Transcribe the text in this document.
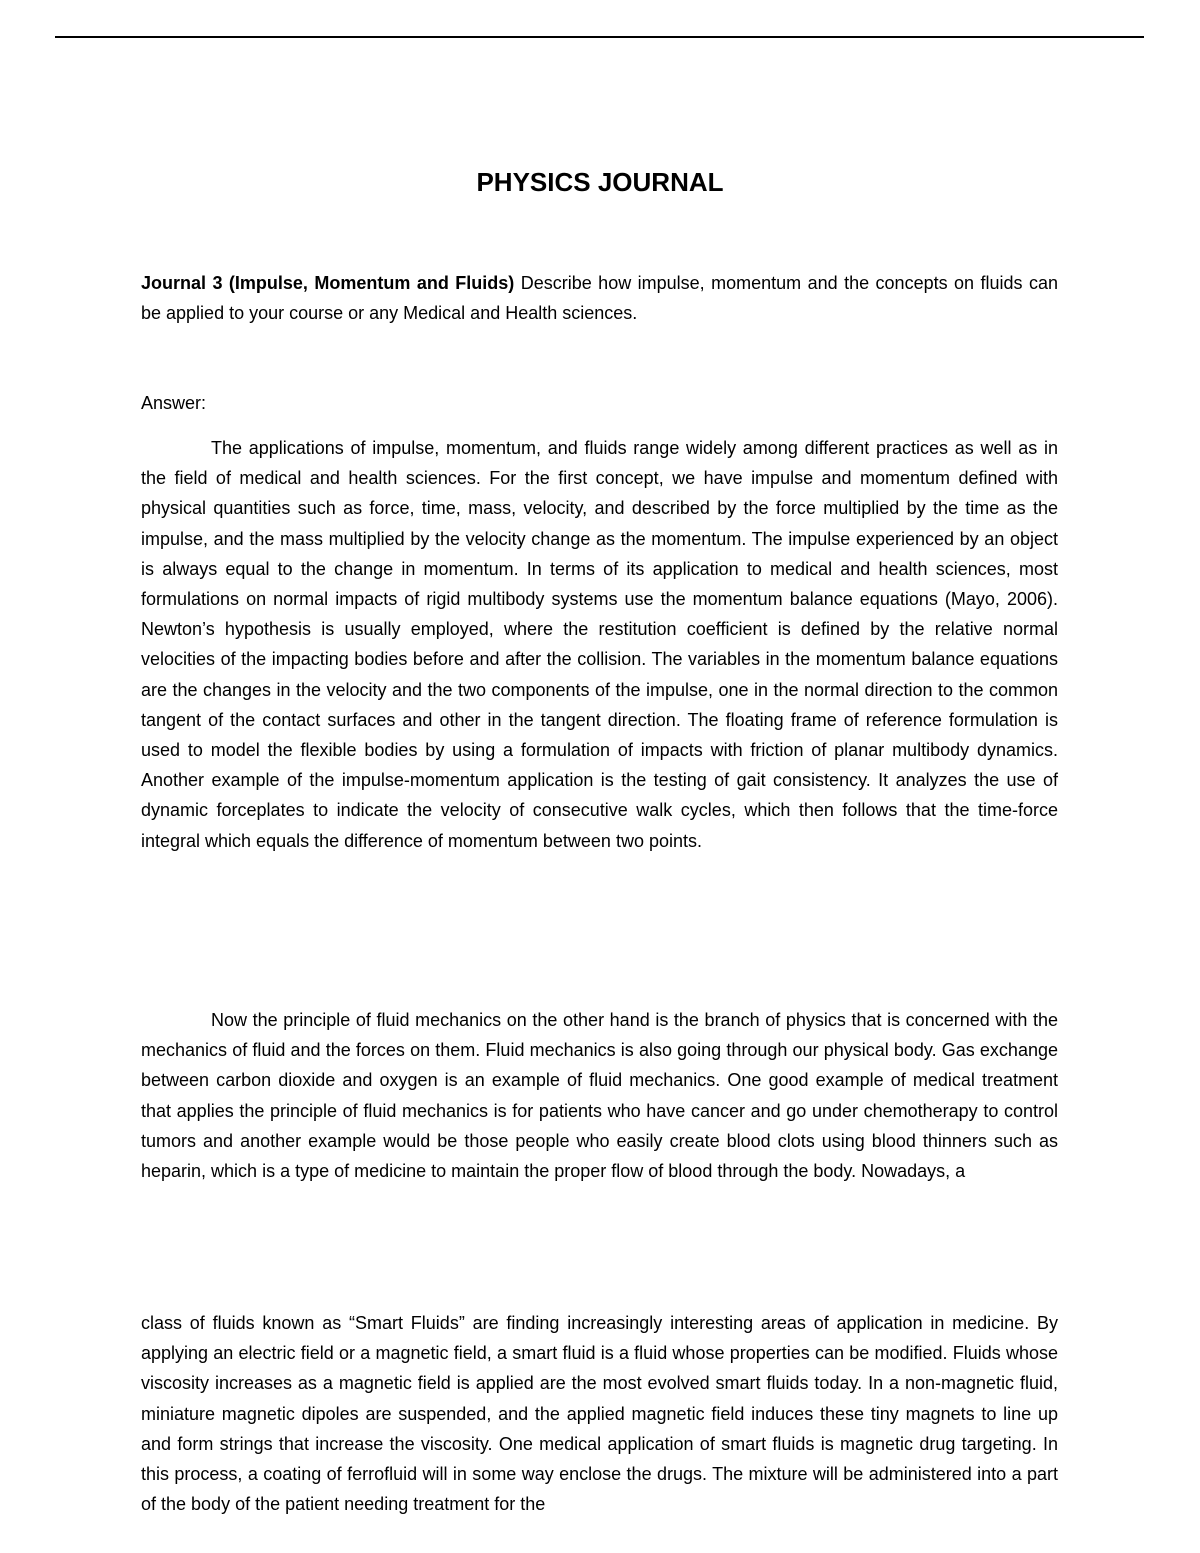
PHYSICS JOURNAL

Journal 3 (Impulse, Momentum and Fluids) Describe how impulse, momentum and the concepts on fluids can be applied to your course or any Medical and Health sciences.

Answer:

The applications of impulse, momentum, and fluids range widely among different practices as well as in the field of medical and health sciences. For the first concept, we have impulse and momentum defined with physical quantities such as force, time, mass, velocity, and described by the force multiplied by the time as the impulse, and the mass multiplied by the velocity change as the momentum. The impulse experienced by an object is always equal to the change in momentum. In terms of its application to medical and health sciences, most formulations on normal impacts of rigid multibody systems use the momentum balance equations (Mayo, 2006). Newton’s hypothesis is usually employed, where the restitution coefficient is defined by the relative normal velocities of the impacting bodies before and after the collision. The variables in the momentum balance equations are the changes in the velocity and the two components of the impulse, one in the normal direction to the common tangent of the contact surfaces and other in the tangent direction. The floating frame of reference formulation is used to model the flexible bodies by using a formulation of impacts with friction of planar multibody dynamics. Another example of the impulse-momentum application is the testing of gait consistency. It analyzes the use of dynamic forceplates to indicate the velocity of consecutive walk cycles, which then follows that the time-force integral which equals the difference of momentum between two points.

Now the principle of fluid mechanics on the other hand is the branch of physics that is concerned with the mechanics of fluid and the forces on them. Fluid mechanics is also going through our physical body. Gas exchange between carbon dioxide and oxygen is an example of fluid mechanics. One good example of medical treatment that applies the principle of fluid mechanics is for patients who have cancer and go under chemotherapy to control tumors and another example would be those people who easily create blood clots using blood thinners such as heparin, which is a type of medicine to maintain the proper flow of blood through the body. Nowadays, a

class of fluids known as “Smart Fluids” are finding increasingly interesting areas of application in medicine. By applying an electric field or a magnetic field, a smart fluid is a fluid whose properties can be modified. Fluids whose viscosity increases as a magnetic field is applied are the most evolved smart fluids today. In a non-magnetic fluid, miniature magnetic dipoles are suspended, and the applied magnetic field induces these tiny magnets to line up and form strings that increase the viscosity. One medical application of smart fluids is magnetic drug targeting. In this process, a coating of ferrofluid will in some way enclose the drugs. The mixture will be administered into a part of the body of the patient needing treatment for the
